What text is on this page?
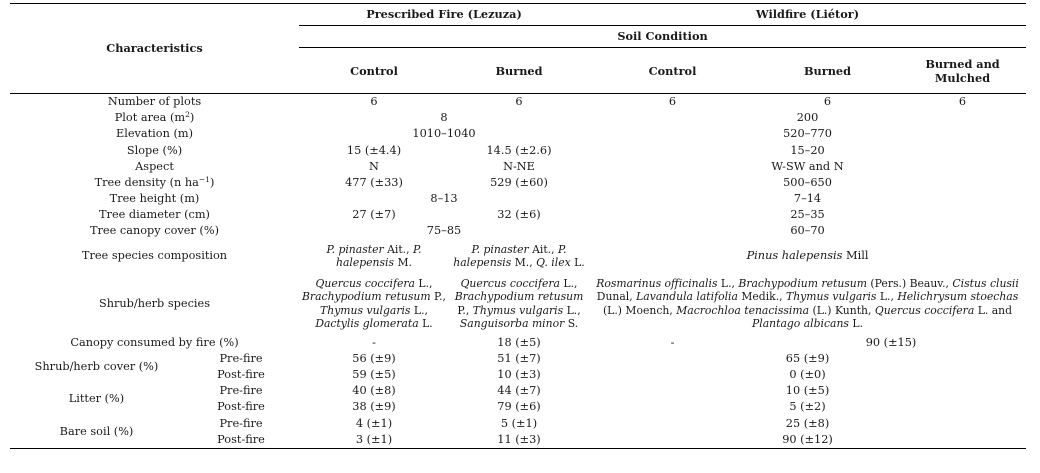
Characteristics		Prescribed Fire (Lezuza)		Wildfire (Liétor)		
		Soil Condition				
		Control	Burned	Control	Burned	Burned and Mulched
Number of plots		6	6	6	6	6
Plot area $(m^2)$		8		200		
Elevation (m)		1010–1040		520–770		
Slope (%)		15 (±4.4)	14.5 (±2.6)	15–20		
Aspect		N	N-NE	W-SW and N		
Tree density (n $ha^{-1}$)		477 (±33)	529 (±60)	500–650		
Tree height (m)		8–13		7–14		
Tree diameter (cm)		27 (±7)	32 (±6)	25–35		
Tree canopy cover (%)		75–85		60–70		
Tree species composition		P. pinaster Ait., P. halepensis M.	P. pinaster Ait., P. halepensis M., Q. ilex L.	Pinus halepensis Mill		
Shrub/herb species		Quercus coccifera L., Brachypodium retusum P., Thymus vulgaris L., Dactylis glomerata L.	Quercus coccifera L., Brachypodium retusum P., Thymus vulgaris L., Sanguisorba minor S.	Rosmarinus officinalis L., Brachypodium retusum (Pers.) Beauv., Cistus clusii Dunal, Lavandula latifolia Medik., Thymus vulgaris L., Helichrysum stoechas (L.) Moench, Macrochloa tenacissima (L.) Kunth, Quercus coccifera L. and Plantago albicans L.		
Canopy consumed by fire (%)		-	18 (±5)	-	90 (±15)	
Shrub/herb cover (%)	Pre-fire	56 (±9)	51 (±7)	65 (±9)		
	Post-fire	59 (±5)	10 (±3)	0 (±0)		
Litter (%)	Pre-fire	40 (±8)	44 (±7)	10 (±5)		
	Post-fire	38 (±9)	79 (±6)	5 (±2)		
Bare soil (%)	Pre-fire	4 (±1)	5 (±1)	25 (±8)		
	Post-fire	3 (±1)	11 (±3)	90 (±12)		
